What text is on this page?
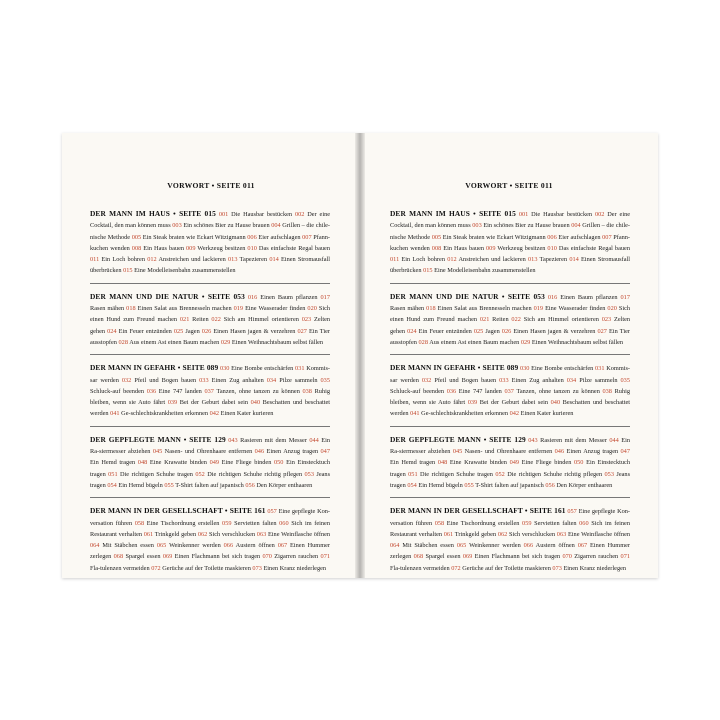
VORWORT • SEITE 011

DER MANN IM HAUS • SEITE 015 001 Die Hausbar bestücken 002 Der eine Cocktail, den man können muss 003 Ein schönes Bier zu Hause brauen 004 Grillen – die chile-nische Methode 005 Ein Steak braten wie Eckart Witzigmann 006 Eier aufschlagen 007 Pfann-kuchen wenden 008 Ein Haus bauen 009 Werkzeug besitzen 010 Das einfachste Regal bauen 011 Ein Loch bohren 012 Anstreichen und lackieren 013 Tapezieren 014 Einen Stromausfall überbrücken 015 Eine Modelleisenbahn zusammenstellen

DER MANN UND DIE NATUR • SEITE 053 016 Einen Baum pflanzen 017 Rasen mähen 018 Einen Salat aus Brennesseln machen 019 Eine Wasserader finden 020 Sich einen Hund zum Freund machen 021 Reiten 022 Sich am Himmel orientieren 023 Zelten gehen 024 Ein Feuer entzünden 025 Jagen 026 Einen Hasen jagen & verzehren 027 Ein Tier ausstopfen 028 Aus einem Ast einen Baum machen 029 Einen Weihnachtsbaum selbst fällen

DER MANN IN GEFAHR • SEITE 089 030 Eine Bombe entschärfen 031 Kommis-sar werden 032 Pfeil und Bogen bauen 033 Einen Zug anhalten 034 Pilze sammeln 035 Schluck-auf beenden 036 Eine 747 landen 037 Tanzen, ohne tanzen zu können 038 Ruhig bleiben, wenn sie Auto fährt 039 Bei der Geburt dabei sein 040 Beschatten und beschattet werden 041 Ge-schlechtskrankheiten erkennen 042 Einen Kater kurieren

DER GEPFLEGTE MANN • SEITE 129 043 Rasieren mit dem Messer 044 Ein Ra-siermesser abziehen 045 Nasen- und Ohrenhaare entfernen 046 Einen Anzug tragen 047 Ein Hemd tragen 048 Eine Krawatte binden 049 Eine Fliege binden 050 Ein Einstecktuch tragen 051 Die richtigen Schuhe tragen 052 Die richtigen Schuhe richtig pflegen 053 Jeans tragen 054 Ein Hemd bügeln 055 T-Shirt falten auf japanisch 056 Den Körper enthaaren

DER MANN IN DER GESELLSCHAFT • SEITE 161 057 Eine gepflegte Kon-versation führen 058 Eine Tischordnung erstellen 059 Servietten falten 060 Sich im feinen Restaurant verhalten 061 Trinkgeld geben 062 Sich verschlucken 063 Eine Weinflasche öffnen 064 Mit Stäbchen essen 065 Weinkenner werden 066 Austern öffnen 067 Einen Hummer zerlegen 068 Spargel essen 069 Einen Flachmann bei sich tragen 070 Zigarren rauchen 071 Fla-tulenzen vermeiden 072 Gerüche auf der Toilette maskieren 073 Einen Kranz niederlegen

VORWORT • SEITE 011

DER MANN IM HAUS • SEITE 015 001 Die Hausbar bestücken 002 Der eine Cocktail, den man können muss 003 Ein schönes Bier zu Hause brauen 004 Grillen – die chile-nische Methode 005 Ein Steak braten wie Eckart Witzigmann 006 Eier aufschlagen 007 Pfann-kuchen wenden 008 Ein Haus bauen 009 Werkzeug besitzen 010 Das einfachste Regal bauen 011 Ein Loch bohren 012 Anstreichen und lackieren 013 Tapezieren 014 Einen Stromausfall überbrücken 015 Eine Modelleisenbahn zusammenstellen

DER MANN UND DIE NATUR • SEITE 053 016 Einen Baum pflanzen 017 Rasen mähen 018 Einen Salat aus Brennesseln machen 019 Eine Wasserader finden 020 Sich einen Hund zum Freund machen 021 Reiten 022 Sich am Himmel orientieren 023 Zelten gehen 024 Ein Feuer entzünden 025 Jagen 026 Einen Hasen jagen & verzehren 027 Ein Tier ausstopfen 028 Aus einem Ast einen Baum machen 029 Einen Weihnachtsbaum selbst fällen

DER MANN IN GEFAHR • SEITE 089 030 Eine Bombe entschärfen 031 Kommis-sar werden 032 Pfeil und Bogen bauen 033 Einen Zug anhalten 034 Pilze sammeln 035 Schluck-auf beenden 036 Eine 747 landen 037 Tanzen, ohne tanzen zu können 038 Ruhig bleiben, wenn sie Auto fährt 039 Bei der Geburt dabei sein 040 Beschatten und beschattet werden 041 Ge-schlechtskrankheiten erkennen 042 Einen Kater kurieren

DER GEPFLEGTE MANN • SEITE 129 043 Rasieren mit dem Messer 044 Ein Ra-siermesser abziehen 045 Nasen- und Ohrenhaare entfernen 046 Einen Anzug tragen 047 Ein Hemd tragen 048 Eine Krawatte binden 049 Eine Fliege binden 050 Ein Einstecktuch tragen 051 Die richtigen Schuhe tragen 052 Die richtigen Schuhe richtig pflegen 053 Jeans tragen 054 Ein Hemd bügeln 055 T-Shirt falten auf japanisch 056 Den Körper enthaaren

DER MANN IN DER GESELLSCHAFT • SEITE 161 057 Eine gepflegte Kon-versation führen 058 Eine Tischordnung erstellen 059 Servietten falten 060 Sich im feinen Restaurant verhalten 061 Trinkgeld geben 062 Sich verschlucken 063 Eine Weinflasche öffnen 064 Mit Stäbchen essen 065 Weinkenner werden 066 Austern öffnen 067 Einen Hummer zerlegen 068 Spargel essen 069 Einen Flachmann bei sich tragen 070 Zigarren rauchen 071 Fla-tulenzen vermeiden 072 Gerüche auf der Toilette maskieren 073 Einen Kranz niederlegen
